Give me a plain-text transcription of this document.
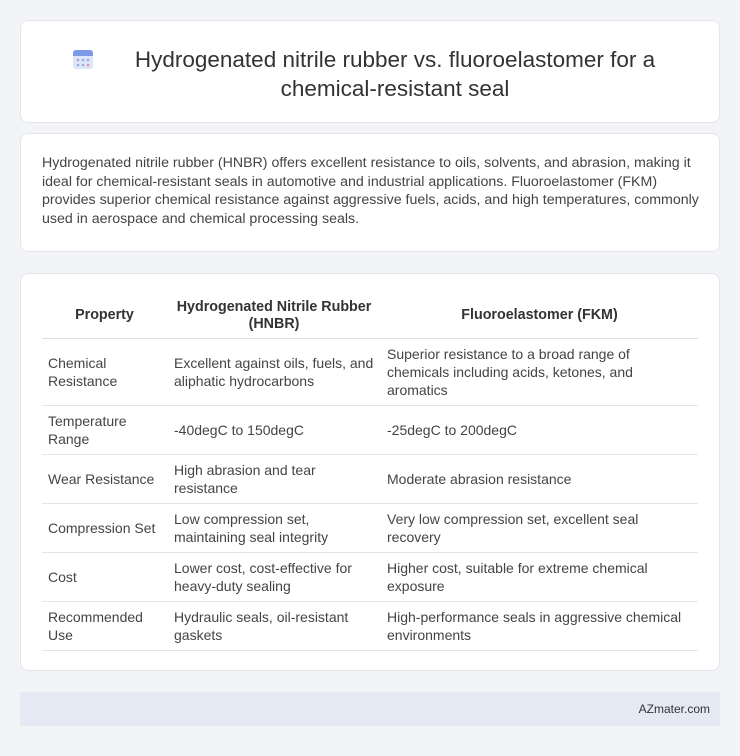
Hydrogenated nitrile rubber vs. fluoroelastomer for a chemical-resistant seal

Hydrogenated nitrile rubber (HNBR) offers excellent resistance to oils, solvents, and abrasion, making it ideal for chemical-resistant seals in automotive and industrial applications. Fluoroelastomer (FKM) provides superior chemical resistance against aggressive fuels, acids, and high temperatures, commonly used in aerospace and chemical processing seals.

Property	Hydrogenated Nitrile Rubber (HNBR)	Fluoroelastomer (FKM)
Chemical Resistance	Excellent against oils, fuels, and aliphatic hydrocarbons	Superior resistance to a broad range of chemicals including acids, ketones, and aromatics
Temperature Range	-40degC to 150degC	-25degC to 200degC
Wear Resistance	High abrasion and tear resistance	Moderate abrasion resistance
Compression Set	Low compression set, maintaining seal integrity	Very low compression set, excellent seal recovery
Cost	Lower cost, cost-effective for heavy-duty sealing	Higher cost, suitable for extreme chemical exposure
Recommended Use	Hydraulic seals, oil-resistant gaskets	High-performance seals in aggressive chemical environments
AZmater.com
